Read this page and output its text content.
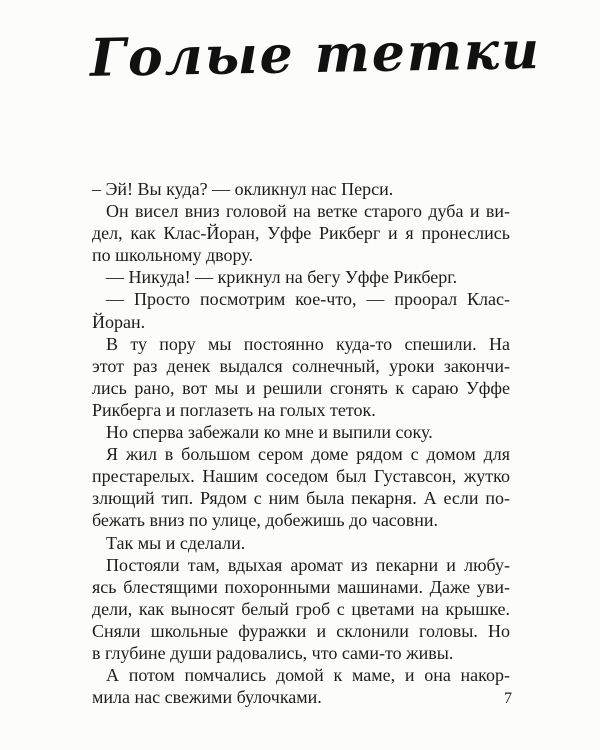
Голые тетки

– Эй! Вы куда? — окликнул нас Перси.

Он висел вниз головой на ветке старого дуба и ви-
дел, как Клас-Йоран, Уффе Рикберг и я пронеслись
по школьному двору.

— Никуда! — крикнул на бегу Уффе Рикберг.

— Просто посмотрим кое-что, — проорал Клас-
Йоран.

В ту пору мы постоянно куда-то спешили. На
этот раз денек выдался солнечный, уроки закончи-
лись рано, вот мы и решили сгонять к сараю Уффе
Рикберга и поглазеть на голых теток.

Но сперва забежали ко мне и выпили соку.

Я жил в большом сером доме рядом с домом для
престарелых. Нашим соседом был Густавсон, жутко
злющий тип. Рядом с ним была пекарня. А если по-
бежать вниз по улице, добежишь до часовни.

Так мы и сделали.

Постояли там, вдыхая аромат из пекарни и любу-
ясь блестящими похоронными машинами. Даже уви-
дели, как выносят белый гроб с цветами на крышке.
Сняли школьные фуражки и склонили головы. Но
в глубине души радовались, что сами-то живы.

А потом помчались домой к маме, и она накор-
мила нас свежими булочками.	7
